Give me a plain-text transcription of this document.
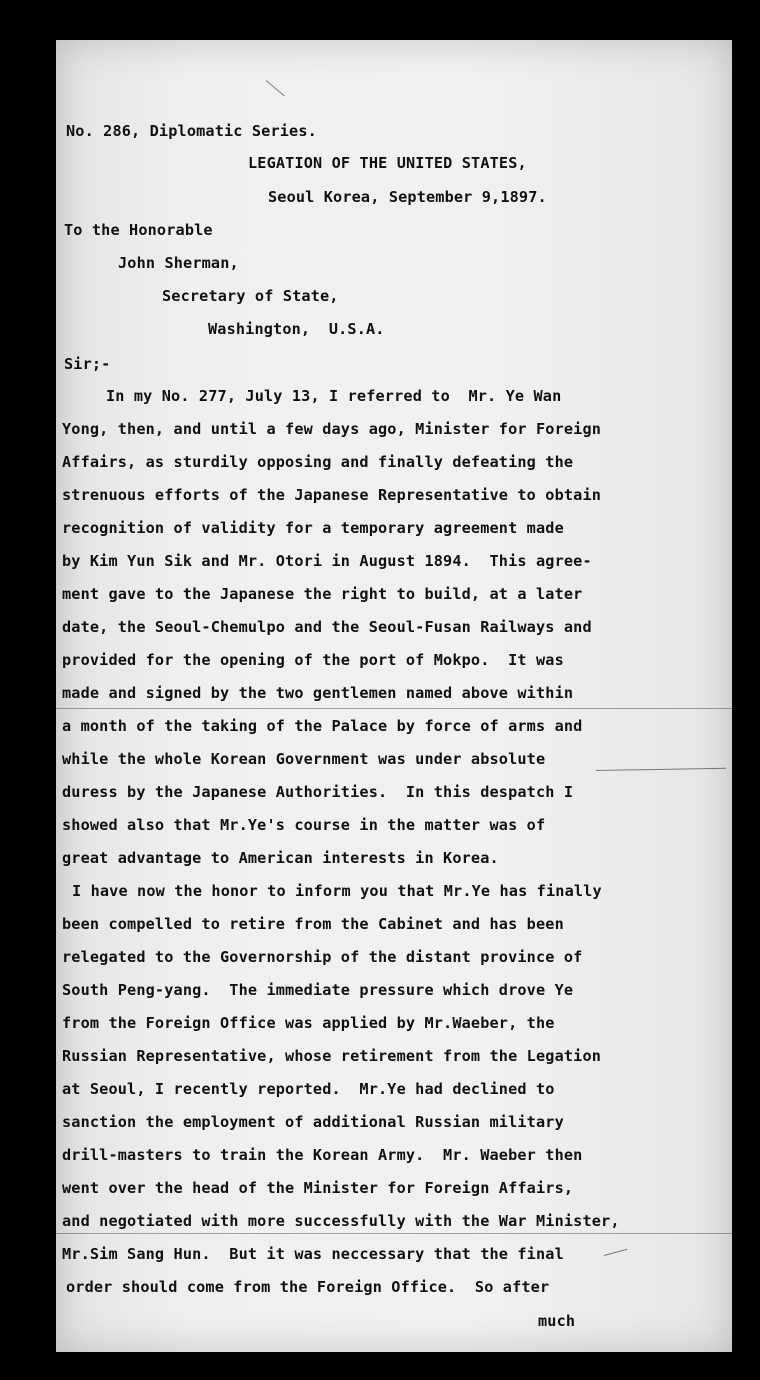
No. 286, Diplomatic Series.
LEGATION OF THE UNITED STATES,
Seoul Korea, September 9,1897.
To the Honorable
John Sherman,
Secretary of State,
Washington,  U.S.A.
Sir;-
In my No. 277, July 13, I referred to  Mr. Ye Wan
Yong, then, and until a few days ago, Minister for Foreign
Affairs, as sturdily opposing and finally defeating the
strenuous efforts of the Japanese Representative to obtain
recognition of validity for a temporary agreement made
by Kim Yun Sik and Mr. Otori in August 1894.  This agree-
ment gave to the Japanese the right to build, at a later
date, the Seoul-Chemulpo and the Seoul-Fusan Railways and
provided for the opening of the port of Mokpo.  It was
made and signed by the two gentlemen named above within
a month of the taking of the Palace by force of arms and
while the whole Korean Government was under absolute
duress by the Japanese Authorities.  In this despatch I
showed also that Mr.Ye's course in the matter was of
great advantage to American interests in Korea.
I have now the honor to inform you that Mr.Ye has finally
been compelled to retire from the Cabinet and has been
relegated to the Governorship of the distant province of
South Peng-yang.  The immediate pressure which drove Ye
from the Foreign Office was applied by Mr.Waeber, the
Russian Representative, whose retirement from the Legation
at Seoul, I recently reported.  Mr.Ye had declined to
sanction the employment of additional Russian military
drill-masters to train the Korean Army.  Mr. Waeber then
went over the head of the Minister for Foreign Affairs,
and negotiated with more successfully with the War Minister,
Mr.Sim Sang Hun.  But it was neccessary that the final
order should come from the Foreign Office.  So after
much
